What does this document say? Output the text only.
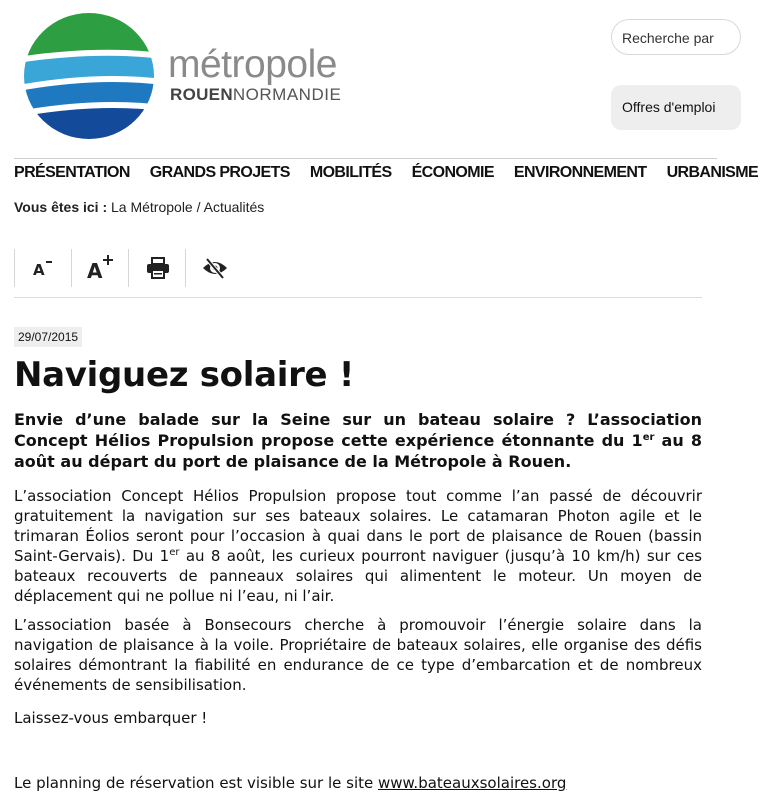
métropole
ROUENNORMANDIE
Recherche par
Offres d'emploi
PRÉSENTATION GRANDS PROJETS MOBILITÉS ÉCONOMIE ENVIRONNEMENT URBANISME
Vous êtes ici : La Métropole / Actualités
A A
29/07/2015
Naviguez solaire !

Envie d’une balade sur la Seine sur un bateau solaire ? L’association Concept Hélios Propulsion propose cette expérience étonnante du 1er au 8 août au départ du port de plaisance de la Métropole à Rouen.

L’association Concept Hélios Propulsion propose tout comme l’an passé de découvrir gratuitement la navigation sur ses bateaux solaires. Le catamaran Photon agile et le trimaran Éolios seront pour l’occasion à quai dans le port de plaisance de Rouen (bassin Saint-Gervais). Du 1er au 8 août, les curieux pourront naviguer (jusqu’à 10 km/h) sur ces bateaux recouverts de panneaux solaires qui alimentent le moteur. Un moyen de déplacement qui ne pollue ni l’eau, ni l’air.

L’association basée à Bonsecours cherche à promouvoir l’énergie solaire dans la navigation de plaisance à la voile. Propriétaire de bateaux solaires, elle organise des défis solaires démontrant la fiabilité en endurance de ce type d’embarcation et de nombreux événements de sensibilisation.

Laissez-vous embarquer !

Le planning de réservation est visible sur le site www.bateauxsolaires.org
